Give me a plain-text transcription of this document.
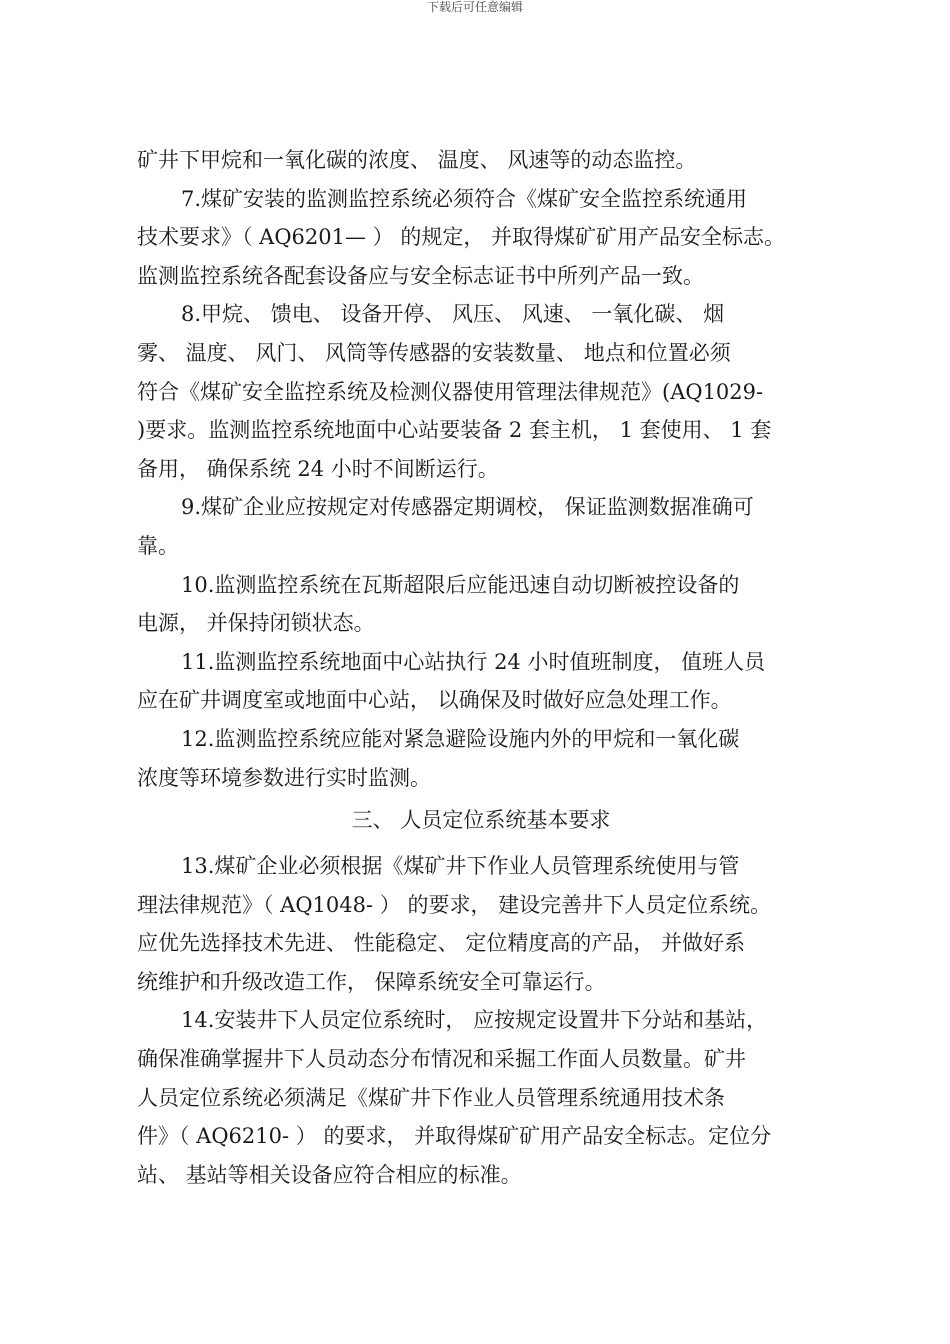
下载后可任意编辑
矿井下甲烷和一氧化碳的浓度、 温度、 风速等的动态监控。
7.煤矿安装的监测监控系统必须符合《煤矿安全监控系统通用
技术要求》（ AQ6201— ） 的规定， 并取得煤矿矿用产品安全标志。
监测监控系统各配套设备应与安全标志证书中所列产品一致。
8.甲烷、 馈电、 设备开停、 风压、 风速、 一氧化碳、 烟
雾、 温度、 风门、 风筒等传感器的安装数量、 地点和位置必须
符合《煤矿安全监控系统及检测仪器使用管理法律规范》(AQ1029-
)要求。监测监控系统地面中心站要装备 2 套主机， 1 套使用、 1 套
备用， 确保系统 24 小时不间断运行。
9.煤矿企业应按规定对传感器定期调校， 保证监测数据准确可
靠。
10.监测监控系统在瓦斯超限后应能迅速自动切断被控设备的
电源， 并保持闭锁状态。
11.监测监控系统地面中心站执行 24 小时值班制度， 值班人员
应在矿井调度室或地面中心站， 以确保及时做好应急处理工作。
12.监测监控系统应能对紧急避险设施内外的甲烷和一氧化碳
浓度等环境参数进行实时监测。
三、 人员定位系统基本要求
13.煤矿企业必须根据《煤矿井下作业人员管理系统使用与管
理法律规范》（ AQ1048- ） 的要求， 建设完善井下人员定位系统。
应优先选择技术先进、 性能稳定、 定位精度高的产品， 并做好系
统维护和升级改造工作， 保障系统安全可靠运行。
14.安装井下人员定位系统时， 应按规定设置井下分站和基站，
确保准确掌握井下人员动态分布情况和采掘工作面人员数量。矿井
人员定位系统必须满足《煤矿井下作业人员管理系统通用技术条
件》（ AQ6210- ） 的要求， 并取得煤矿矿用产品安全标志。定位分
站、 基站等相关设备应符合相应的标准。
